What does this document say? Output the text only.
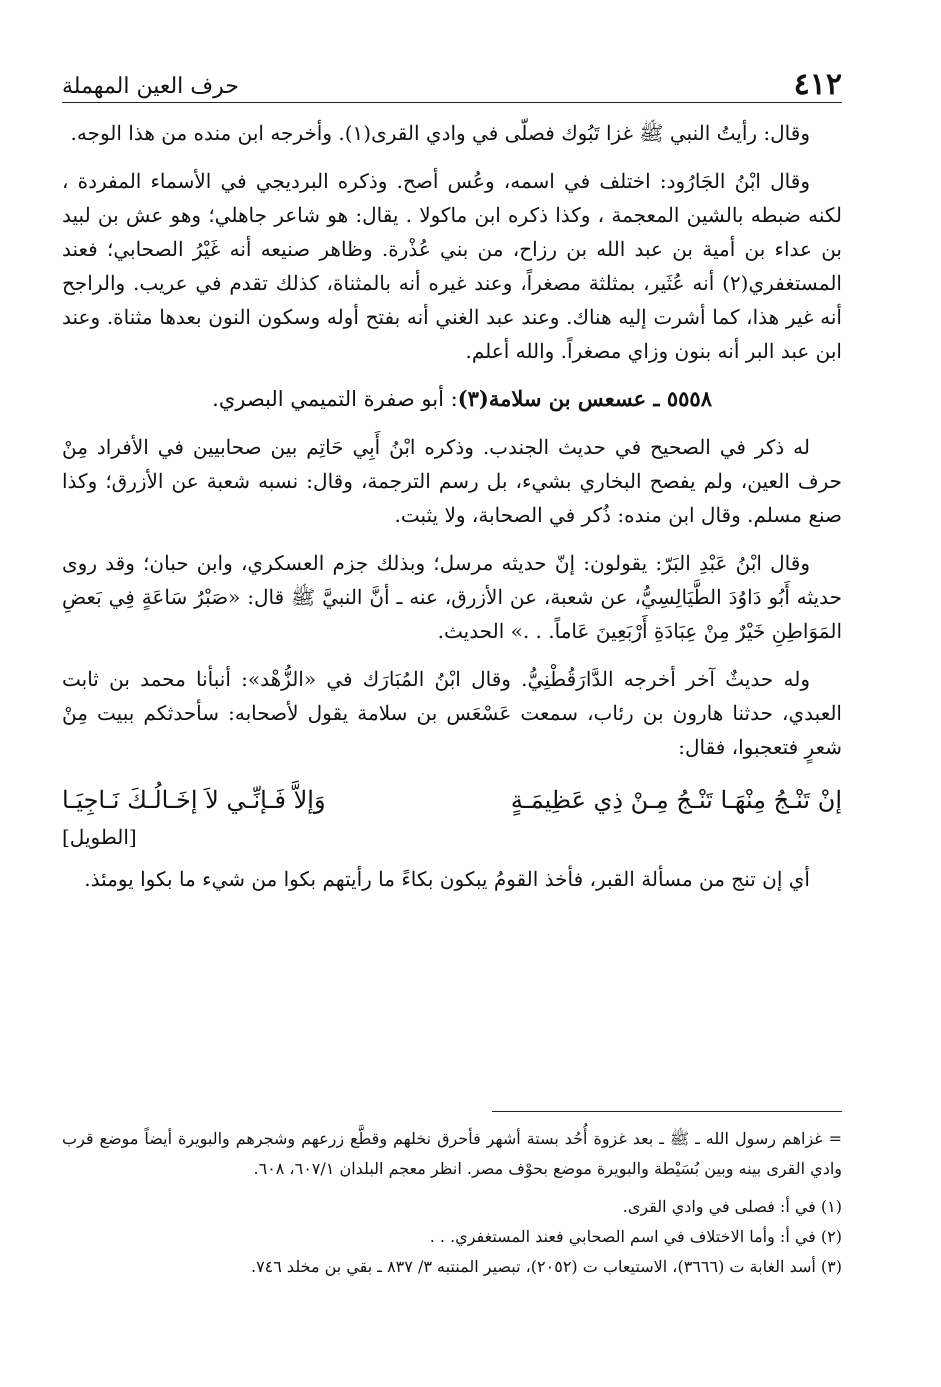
٤١٢
حرف العين المهملة

وقال: رأيتُ النبي ﷺ غزا تَبُوك فصلّى في وادي القرى(١). وأخرجه ابن منده من هذا الوجه.

وقال ابْنُ الجَارُود: اختلف في اسمه، وعُس أصح. وذكره البرديجي في الأسماء المفردة ، لكنه ضبطه بالشين المعجمة ، وكذا ذكره ابن ماكولا . يقال: هو شاعر جاهلي؛ وهو عش بن لبيد بن عداء بن أمية بن عبد الله بن رزاح، من بني عُذْرة. وظاهر صنيعه أنه غَيْرُ الصحابي؛ فعند المستغفري(٢) أنه عُثَير، بمثلثة مصغراً، وعند غيره أنه بالمثناة، كذلك تقدم في عريب. والراجح أنه غير هذا، كما أشرت إليه هناك. وعند عبد الغني أنه بفتح أوله وسكون النون بعدها مثناة. وعند ابن عبد البر أنه بنون وزاي مصغراً. والله أعلم.

٥٥٥٨ ـ عسعس بن سلامة(٣): أبو صفرة التميمي البصري.

له ذكر في الصحيح في حديث الجندب. وذكره ابْنُ أَبِي حَاتِم بين صحابيين في الأفراد مِنْ حرف العين، ولم يفصح البخاري بشيء، بل رسم الترجمة، وقال: نسبه شعبة عن الأزرق؛ وكذا صنع مسلم. وقال ابن منده: ذُكر في الصحابة، ولا يثبت.

وقال ابْنُ عَبْدِ البَرّ: يقولون: إنّ حديثه مرسل؛ وبذلك جزم العسكري، وابن حبان؛ وقد روى حديثه أَبُو دَاوُدَ الطَّيَالِسِيُّ، عن شعبة، عن الأزرق، عنه ـ أنَّ النبيَّ ﷺ قال: «صَبْرُ سَاعَةٍ فِي بَعضِ المَوَاطِنِ خَيْرٌ مِنْ عِبَادَةِ أَرْبَعِينَ عَاماً. . .» الحديث.

وله حديثٌ آخر أخرجه الدَّارَقُطْنِيُّ. وقال ابْنُ المُبَارَك في «الزُّهْد»: أنبأنا محمد بن ثابت العبدي، حدثنا هارون بن رئاب، سمعت عَسْعَس بن سلامة يقول لأصحابه: سأحدثكم ببيت مِنْ شعرٍ فتعجبوا، فقال:

إنْ تَنْـجُ مِنْهَـا تَنْـجُ مِـنْ ذِي عَظِيمَـةٍ
وَإلاَّ فَـإنِّـي لاَ إخَـالُـكَ نَـاجِيَـا
[الطويل]

أي إن تنج من مسألة القبر، فأخذ القومُ يبكون بكاءً ما رأيتهم بكوا من شيء ما بكوا يومئذ.

= غزاهم رسول الله ـ ﷺ ـ بعد غزوة أُحُد بستة أشهر فأحرق نخلهم وقطَّع زرعهم وشجرهم والبويرة أيضاً موضع قرب وادي القرى بينه وبين بُسَيْطة والبويرة موضع بحوْف مصر. انظر معجم البلدان ٦٠٧/١، ٦٠٨.

(١) في أ: فصلى في وادي القرى.

(٢) في أ: وأما الاختلاف في اسم الصحابي فعند المستغفري. . .

(٣) أسد الغابة ت (٣٦٦٦)، الاستيعاب ت (٢٠٥٢)، تبصير المنتبه ٣/ ٨٣٧ ـ بقي بن مخلد ٧٤٦.
